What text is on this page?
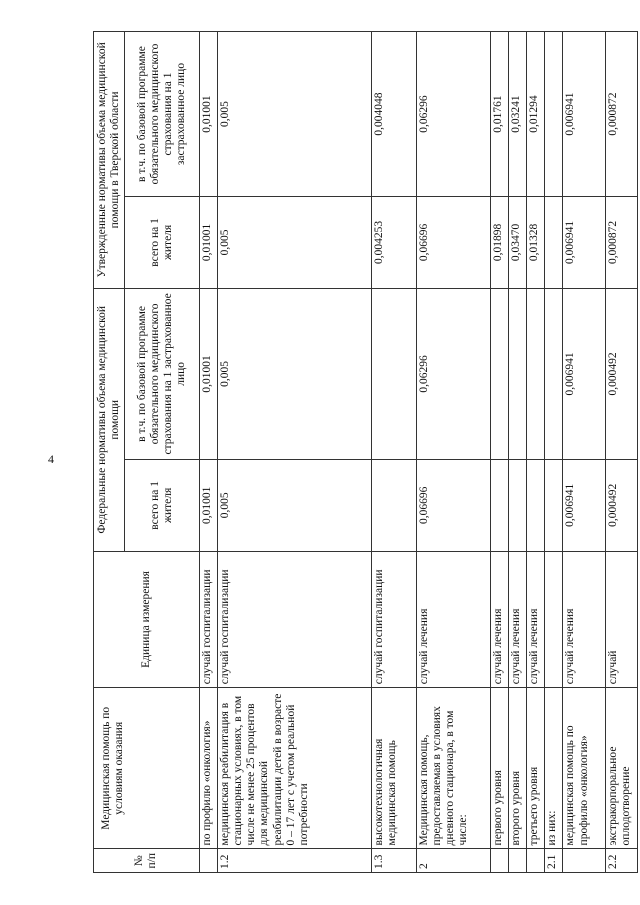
4
№ п/п	Медицинская помощь по условиям оказания	Единица измерения	Федеральные нормативы объема медицинской помощи		Утвержденные нормативы объема медицинской помощи в Тверской области	
			всего на 1 жителя	в т.ч. по базовой программе обязательного медицинского страхования на 1 застрахованное лицо	всего на 1 жителя	в т.ч. по базовой программе обязательного медицинского страхования на 1 застрахованное лицо
	по профилю «онкология»	случай госпитализации	0,01001	0,01001	0,01001	0,01001
1.2	медицинская реабилитация в стационарных условиях, в том числе не менее 25 процентов для медицинской реабилитации детей в возрасте 0 – 17 лет с учетом реальной потребности	случай госпитализации	0,005	0,005	0,005	0,005
1.3	высокотехнологичная медицинская помощь	случай госпитализации			0,004253	0,004048
2	Медицинская помощь, предоставляемая в условиях дневного стационара, в том числе:	случай лечения	0,06696	0,06296	0,06696	0,06296
	первого уровня	случай лечения			0,01898	0,01761
	второго уровня	случай лечения			0,03470	0,03241
	третьего уровня	случай лечения			0,01328	0,01294
2.1	из них:					
	медицинская помощь по профилю «онкология»	случай лечения	0,006941	0,006941	0,006941	0,006941
2.2	экстракорпоральное оплодотворение	случай	0,000492	0,000492	0,000872	0,000872
